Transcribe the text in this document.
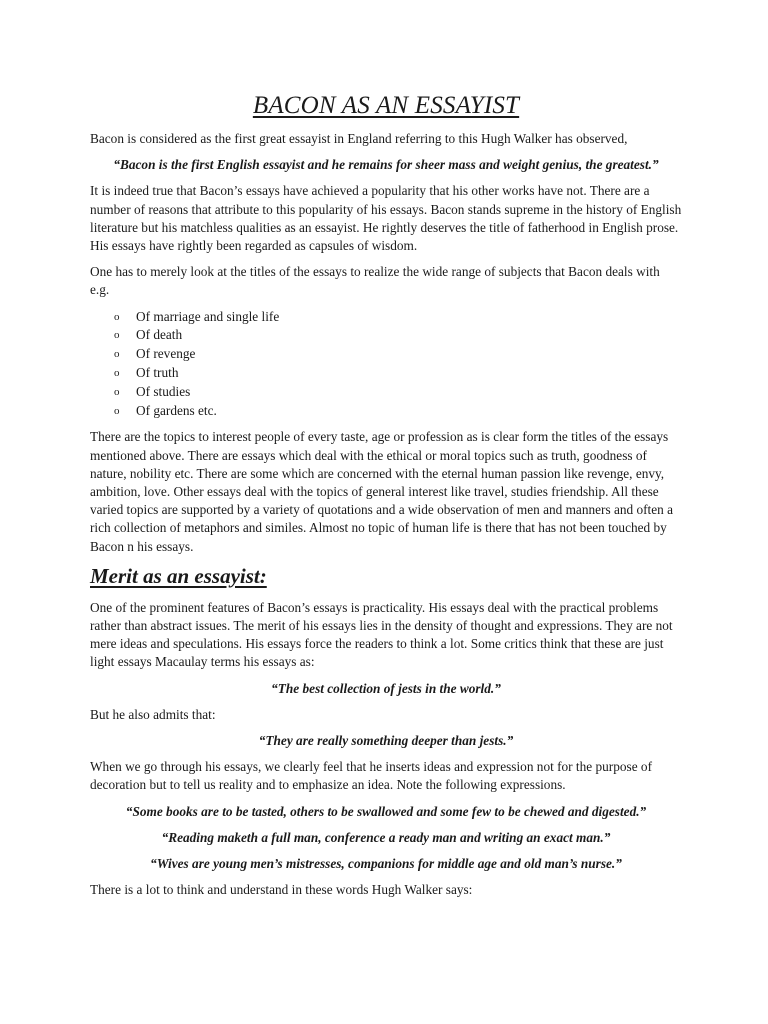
BACON AS AN ESSAYIST

Bacon is considered as the first great essayist in England referring to this Hugh Walker has observed,

“Bacon is the first English essayist and he remains for sheer mass and weight genius, the greatest.”

It is indeed true that Bacon’s essays have achieved a popularity that his other works have not. There are a number of reasons that attribute to this popularity of his essays. Bacon stands supreme in the history of English literature but his matchless qualities as an essayist. He rightly deserves the title of fatherhood in English prose. His essays have rightly been regarded as capsules of wisdom.

One has to merely look at the titles of the essays to realize the wide range of subjects that Bacon deals with e.g.

o	Of marriage and single life
o	Of death
o	Of revenge
o	Of truth
o	Of studies
o	Of gardens etc.

There are the topics to interest people of every taste, age or profession as is clear form the titles of the essays mentioned above. There are essays which deal with the ethical or moral topics such as truth, goodness of nature, nobility etc. There are some which are concerned with the eternal human passion like revenge, envy, ambition, love. Other essays deal with the topics of general interest like travel, studies friendship. All these varied topics are supported by a variety of quotations and a wide observation of men and manners and often a rich collection of metaphors and similes. Almost no topic of human life is there that has not been touched by Bacon n his essays.

Merit as an essayist:

One of the prominent features of Bacon’s essays is practicality. His essays deal with the practical problems rather than abstract issues. The merit of his essays lies in the density of thought and expressions. They are not mere ideas and speculations. His essays force the readers to think a lot. Some critics think that these are just light essays Macaulay terms his essays as:

“The best collection of jests in the world.”

But he also admits that:

“They are really something deeper than jests.”

When we go through his essays, we clearly feel that he inserts ideas and expression not for the purpose of decoration but to tell us reality and to emphasize an idea. Note the following expressions.

“Some books are to be tasted, others to be swallowed and some few to be chewed and digested.”

“Reading maketh a full man, conference a ready man and writing an exact man.”

“Wives are young men’s mistresses, companions for middle age and old man’s nurse.”

There is a lot to think and understand in these words Hugh Walker says:
